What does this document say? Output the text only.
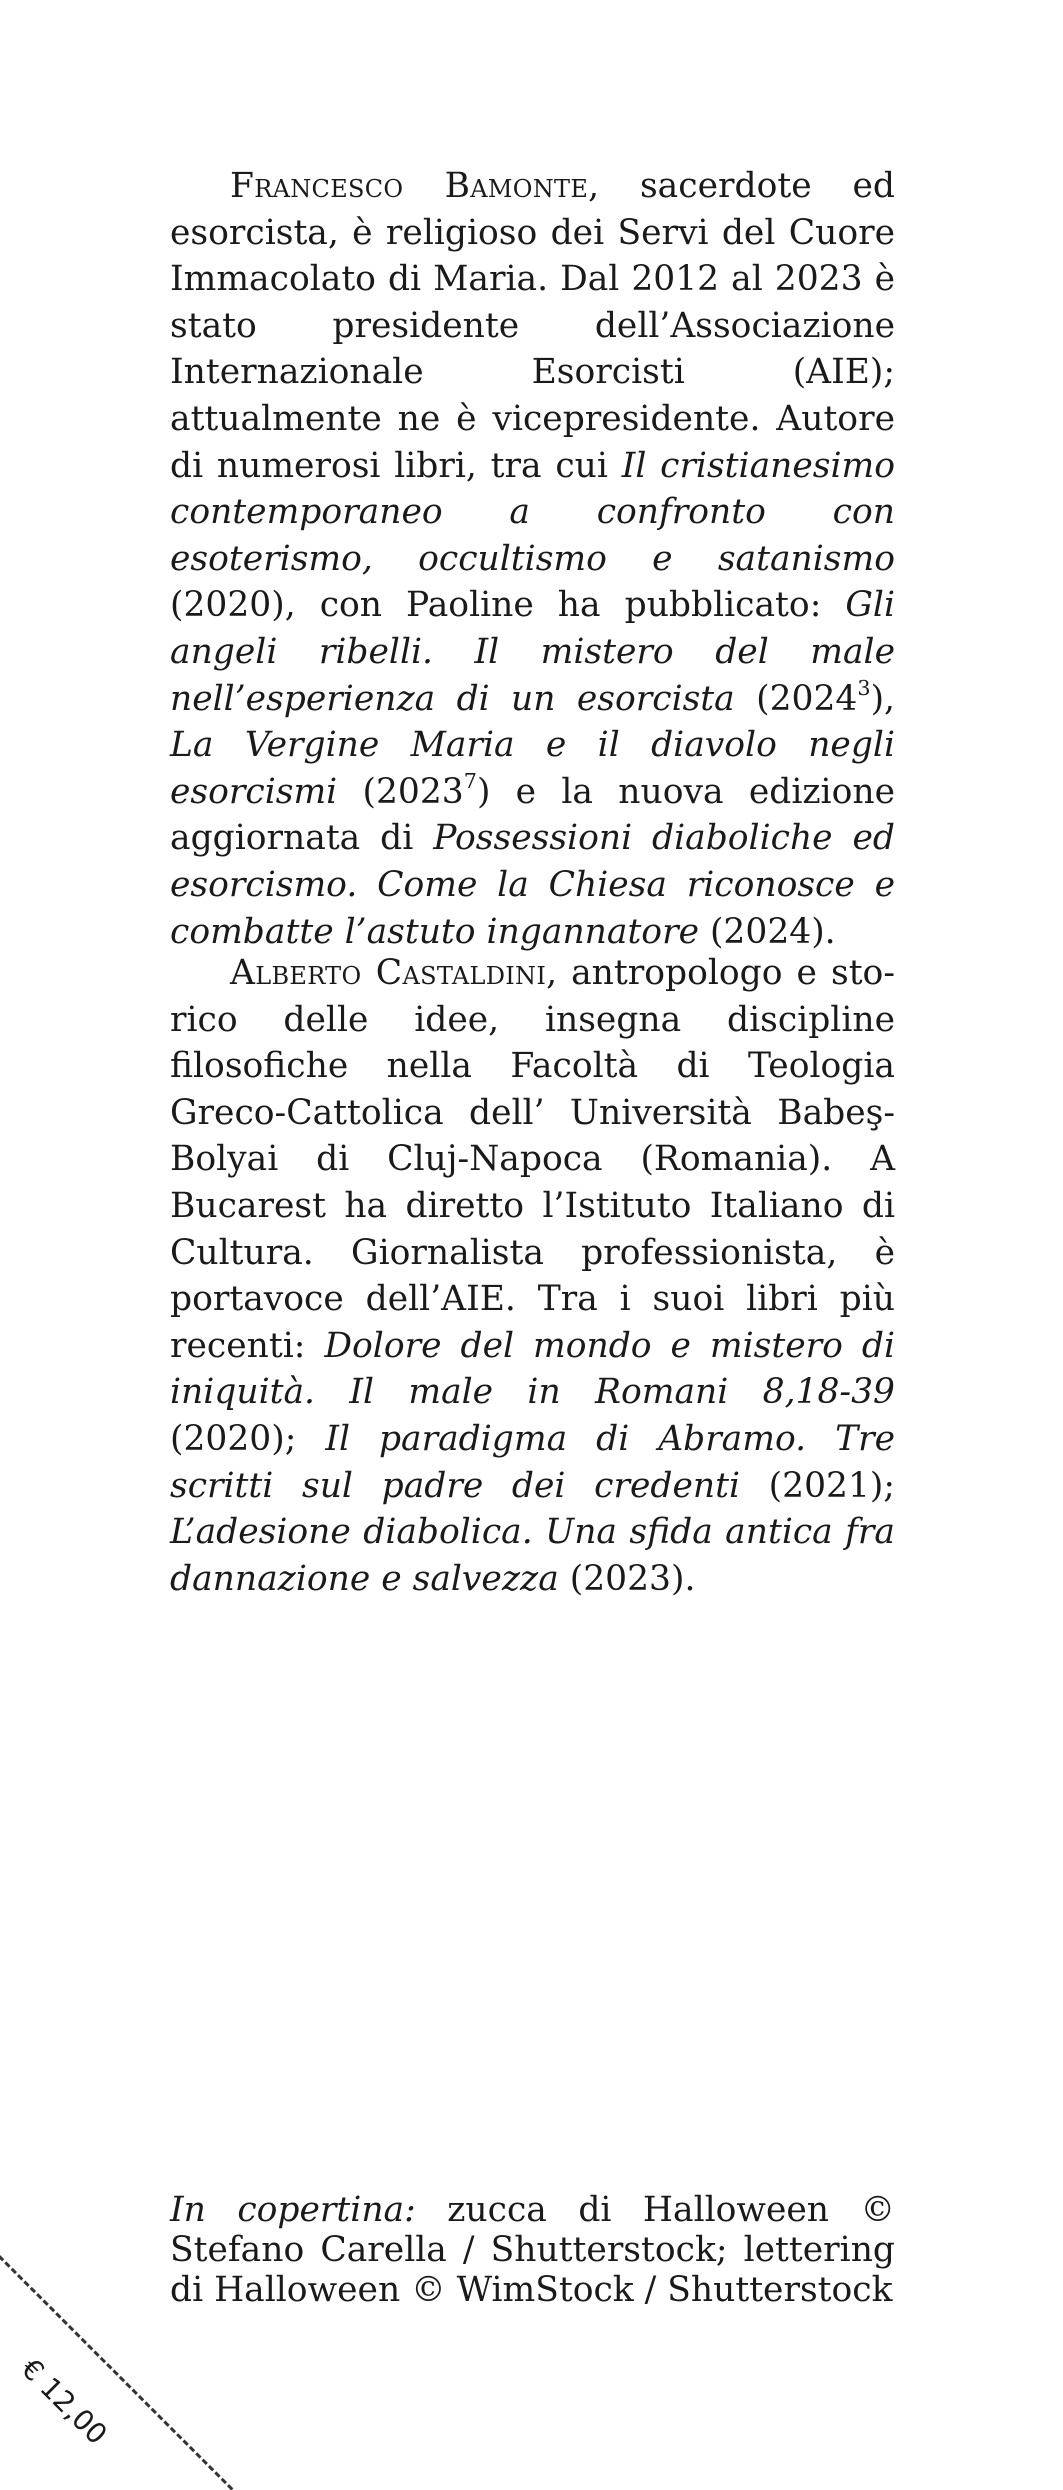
Francesco Bamonte, sacerdote ed esorcista, è religioso dei Servi del Cuore Immacolato di Maria. Dal 2012 al 2023 è stato presidente dell’Associazione Internazionale Esorcisti (AIE); attualmente ne è vicepresidente. Autore di numerosi libri, tra cui Il cristianesimo contemporaneo a confronto con esoterismo, occultismo e satanismo (2020), con Paoline ha pubblicato: Gli angeli ribelli. Il mistero del male nell’esperienza di un esorcista (2024$^3$), La Vergine Maria e il diavolo negli esorcismi (2023$^7$) e la nuova edizione aggiornata di Possessioni diaboliche ed esorcismo. Come la Chiesa riconosce e combatte l’astuto ingannatore (2024).

Alberto Castaldini, antropologo e storico delle idee, insegna discipline filosofiche nella Facoltà di Teologia Greco-Cattolica dell’ Università Babeş-Bolyai di Cluj-Napoca (Romania). A Bucarest ha diretto l’Istituto Italiano di Cultura. Giornalista professionista, è portavoce dell’AIE. Tra i suoi libri più recenti: Dolore del mondo e mistero di iniquità. Il male in Romani 8,18-39 (2020); Il paradigma di Abramo. Tre scritti sul padre dei credenti (2021); L’adesione diabolica. Una sfida antica fra dannazione e salvezza (2023).

In copertina: zucca di Halloween © Stefano Carella / Shutterstock; lettering di Halloween © WimStock / Shutterstock

€ 12,00
